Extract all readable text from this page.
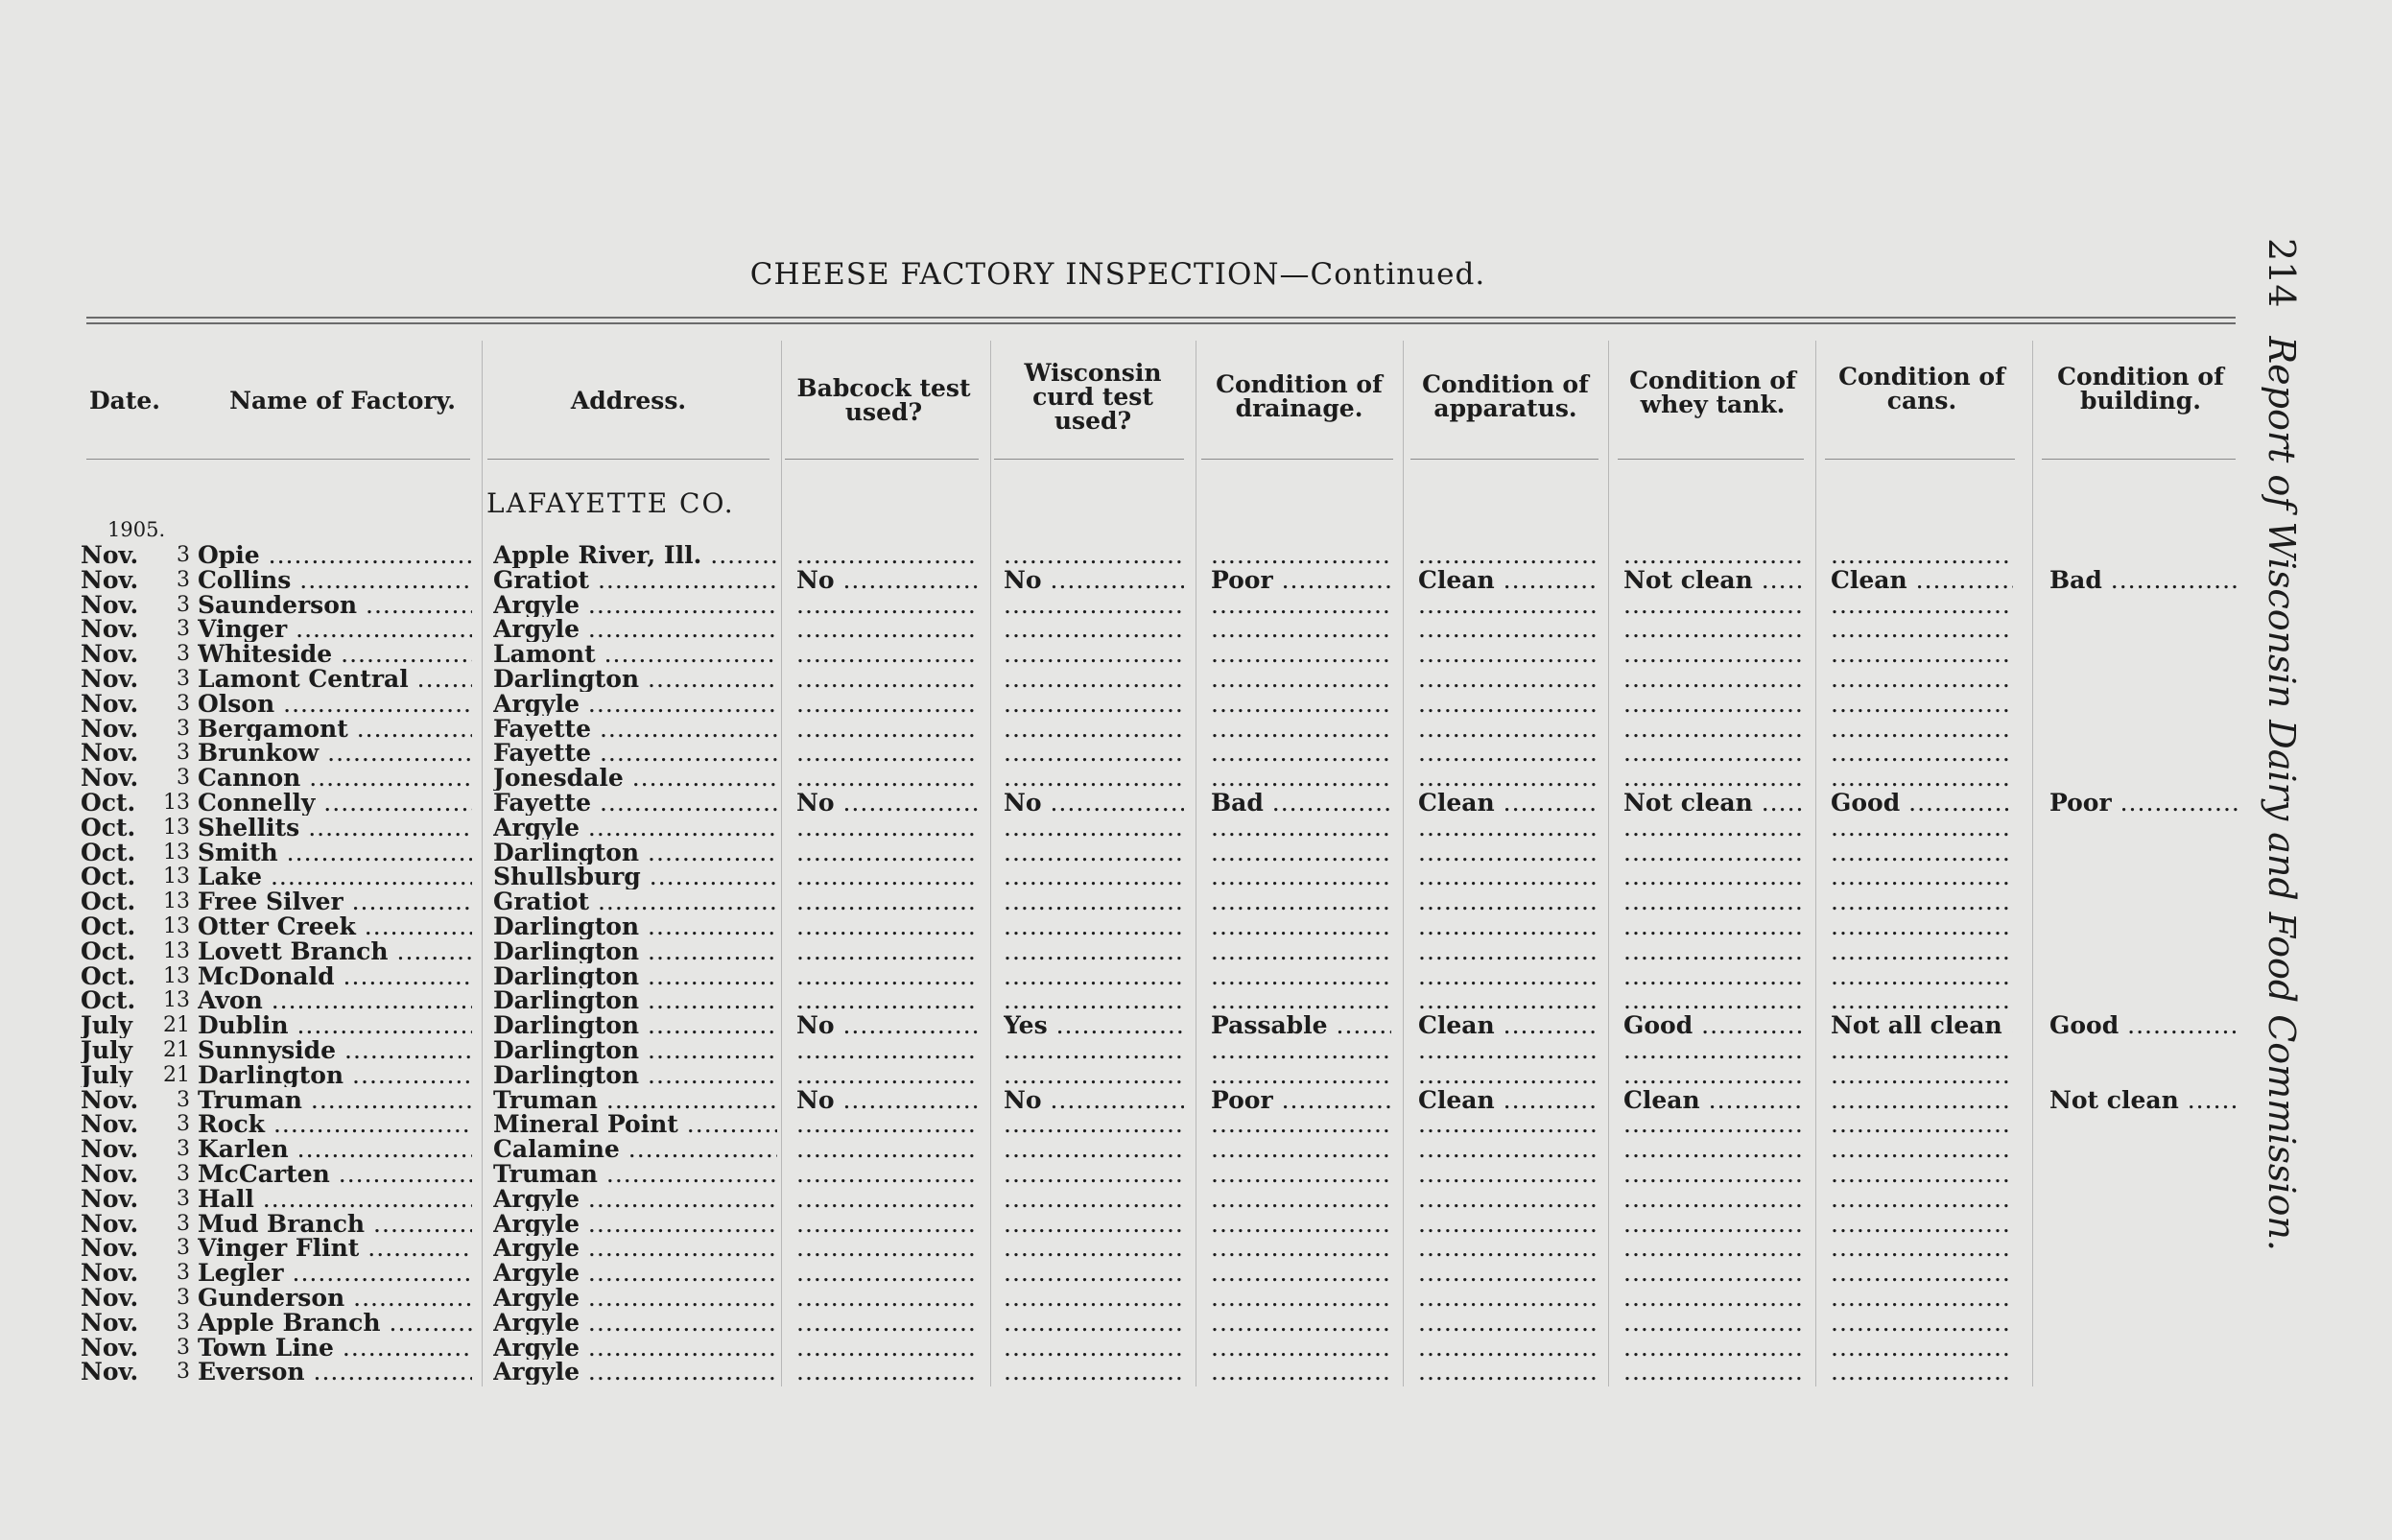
CHEESE FACTORY INSPECTION—Continued.	214Report of Wisconsin Dairy and Food Commission.
Date.	Name of Factory.	Address.	Babcock test used?
Wisconsin curd test used?
Condition of drainage.
Condition of apparatus.
Condition of whey tank.
Condition of cans.
Condition of building.
LAFAYETTE CO.
1905.
Nov.	3 Opie .....	Apple River, Ill. .....
.....
.....
.....
.....
.....
.....
Nov.	3 Collins .....	Gratiot .....	No .....	No .....	Poor .....	Clean .....	Not clean .....	Clean .....	Bad .....
Nov.	3 Saunderson .....	Argyle .....
.....
.....
.....
.....
.....
.....
Nov.	3 Vinger .....	Argyle .....
.....
.....
.....
.....
.....
.....
Nov.	3 Whiteside .....	Lamont .....
.....
.....
.....
.....
.....
.....
Nov.	3 Lamont Central .....	Darlington .....
.....
.....
.....
.....
.....
.....
Nov.	3 Olson .....	Argyle .....
.....
.....
.....
.....
.....
.....
Nov.	3 Bergamont .....	Fayette .....
.....
.....
.....
.....
.....
.....
Nov.	3 Brunkow .....	Fayette .....
.....
.....
.....
.....
.....
.....
Nov.	3 Cannon .....	Jonesdale .....
.....
.....
.....
.....
.....
.....
Oct.	13 Connelly .....	Fayette .....	No .....	No .....	Bad .....	Clean .....	Not clean .....	Good .....	Poor .....
Oct.	13 Shellits .....	Argyle .....
.....
.....
.....
.....
.....
.....
Oct.	13 Smith .....	Darlington .....
.....
.....
.....
.....
.....
.....
Oct.	13 Lake .....	Shullsburg .....
.....
.....
.....
.....
.....
.....
Oct.	13 Free Silver .....	Gratiot .....
.....
.....
.....
.....
.....
.....
Oct.	13 Otter Creek .....	Darlington .....
.....
.....
.....
.....
.....
.....
Oct.	13 Lovett Branch .....	Darlington .....
.....
.....
.....
.....
.....
.....
Oct.	13 McDonald .....	Darlington .....
.....
.....
.....
.....
.....
.....
Oct.	13 Avon .....	Darlington .....
.....
.....
.....
.....
.....
.....
July	21 Dublin .....	Darlington .....	No .....	Yes .....	Passable .....	Clean .....	Good .....	Not all clean .....	Good .....
July	21 Sunnyside .....	Darlington .....
.....
.....
.....
.....
.....
.....
July	21 Darlington .....	Darlington .....
.....
.....
.....
.....
.....
.....
Nov.	3 Truman .....	Truman .....	No .....	No .....	Poor .....	Clean .....	Clean .....
.....	Not clean .....
Nov.	3 Rock .....	Mineral Point .....
.....
.....
.....
.....
.....
.....
Nov.	3 Karlen .....	Calamine .....
.....
.....
.....
.....
.....
.....
Nov.	3 McCarten .....	Truman .....
.....
.....
.....
.....
.....
.....
Nov.	3 Hall .....	Argyle .....
.....
.....
.....
.....
.....
.....
Nov.	3 Mud Branch .....	Argyle .....
.....
.....
.....
.....
.....
.....
Nov.	3 Vinger Flint .....	Argyle .....
.....
.....
.....
.....
.....
.....
Nov.	3 Legler .....	Argyle .....
.....
.....
.....
.....
.....
.....
Nov.	3 Gunderson .....	Argyle .....
.....
.....
.....
.....
.....
.....
Nov.	3 Apple Branch .....	Argyle .....
.....
.....
.....
.....
.....
.....
Nov.	3 Town Line .....	Argyle .....
.....
.....
.....
.....
.....
.....
Nov.	3 Everson .....	Argyle .....
.....
.....
.....
.....
.....
.....
